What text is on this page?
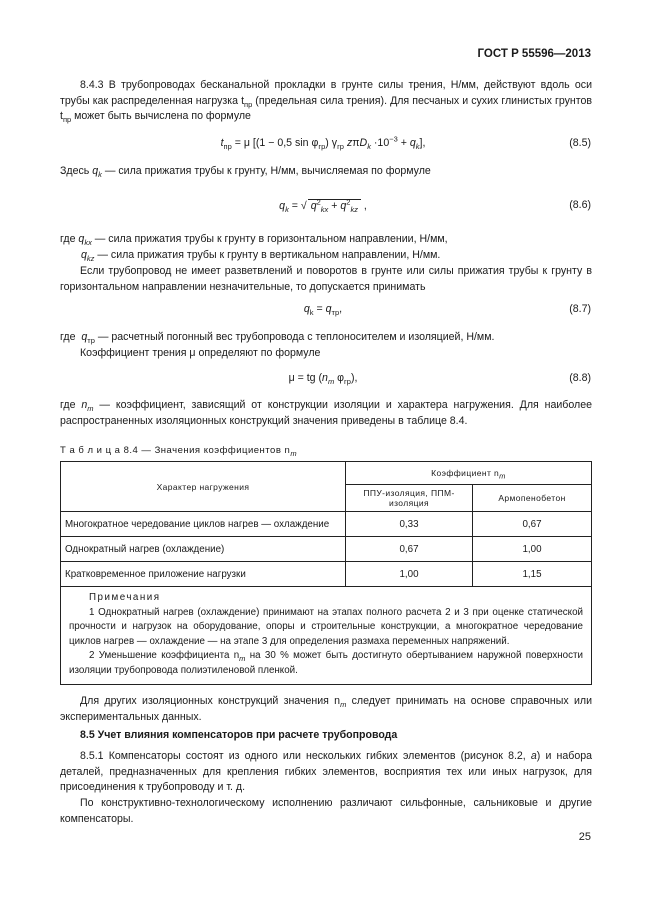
ГОСТ Р 55596—2013
8.4.3 В трубопроводах бесканальной прокладки в грунте силы трения, Н/мм, действуют вдоль оси трубы как распределенная нагрузка $t_{пр}$ (предельная сила трения). Для песчаных и сухих глинистых грунтов $t_{пр}$ может быть вычислена по формуле
$t_{пр} = \mu$ [(1 − 0,5 $\sin \varphi_{гр}$) $\gamma_{гр}$ $z\pi D_k \cdot 10^{-3} + q_k$],	(8.5)
Здесь $q_k$ — сила прижатия трубы к грунту, Н/мм, вычисляемая по формуле
$q_k$ = √ $q^2_{kx} + q^2_{kz}$ ,	(8.6)
где $q_{kx}$ — сила прижатия трубы к грунту в горизонтальном направлении, Н/мм,
$q_{kz}$ — сила прижатия трубы к грунту в вертикальном направлении, Н/мм.
Если трубопровод не имеет разветвлений и поворотов в грунте или силы прижатия трубы к грунту в горизонтальном направлении незначительные, то допускается принимать
$q_k = q_{тр}$,	(8.7)
где  $q_{тр}$ — расчетный погонный вес трубопровода с теплоносителем и изоляцией, Н/мм.
Коэффициент трения μ определяют по формуле
μ = tg ($n_m$ $\varphi_{гр}$),	(8.8)
где $n_m$ — коэффициент, зависящий от конструкции изоляции и характера нагружения. Для наиболее распространенных изоляционных конструкций значения приведены в таблице 8.4.
Т а б л и ц а 8.4 — Значения коэффициентов $n_m$
Характер нагружения	Коэффициент $n_m$
	ППУ-изоляция, ППМ-изоляция	Армопенобетон
Многократное чередование циклов нагрев — охлаждение	0,33	0,67
Однократный нагрев (охлаждение)	0,67	1,00
Кратковременное приложение нагрузки	1,00	1,15

Примечания
1 Однократный нагрев (охлаждение) принимают на этапах полного расчета 2 и 3 при оценке статической прочности и нагрузок на оборудование, опоры и строительные конструкции, а многократное чередование циклов нагрев — охлаждение — на этапе 3 для определения размаха переменных напряжений.
2 Уменьшение коэффициента $n_m$ на 30 % может быть достигнуто обертыванием наружной поверхности изоляции трубопровода полиэтиленовой пленкой.		
Для других изоляционных конструкций значения $n_m$ следует принимать на основе справочных или экспериментальных данных.
8.5 Учет влияния компенсаторов при расчете трубопровода
8.5.1 Компенсаторы состоят из одного или нескольких гибких элементов (рисунок 8.2, а) и набора деталей, предназначенных для крепления гибких элементов, восприятия тех или иных нагрузок, для присоединения к трубопроводу и т. д.
По конструктивно-технологическому исполнению различают сильфонные, сальниковые и другие компенсаторы.
25
